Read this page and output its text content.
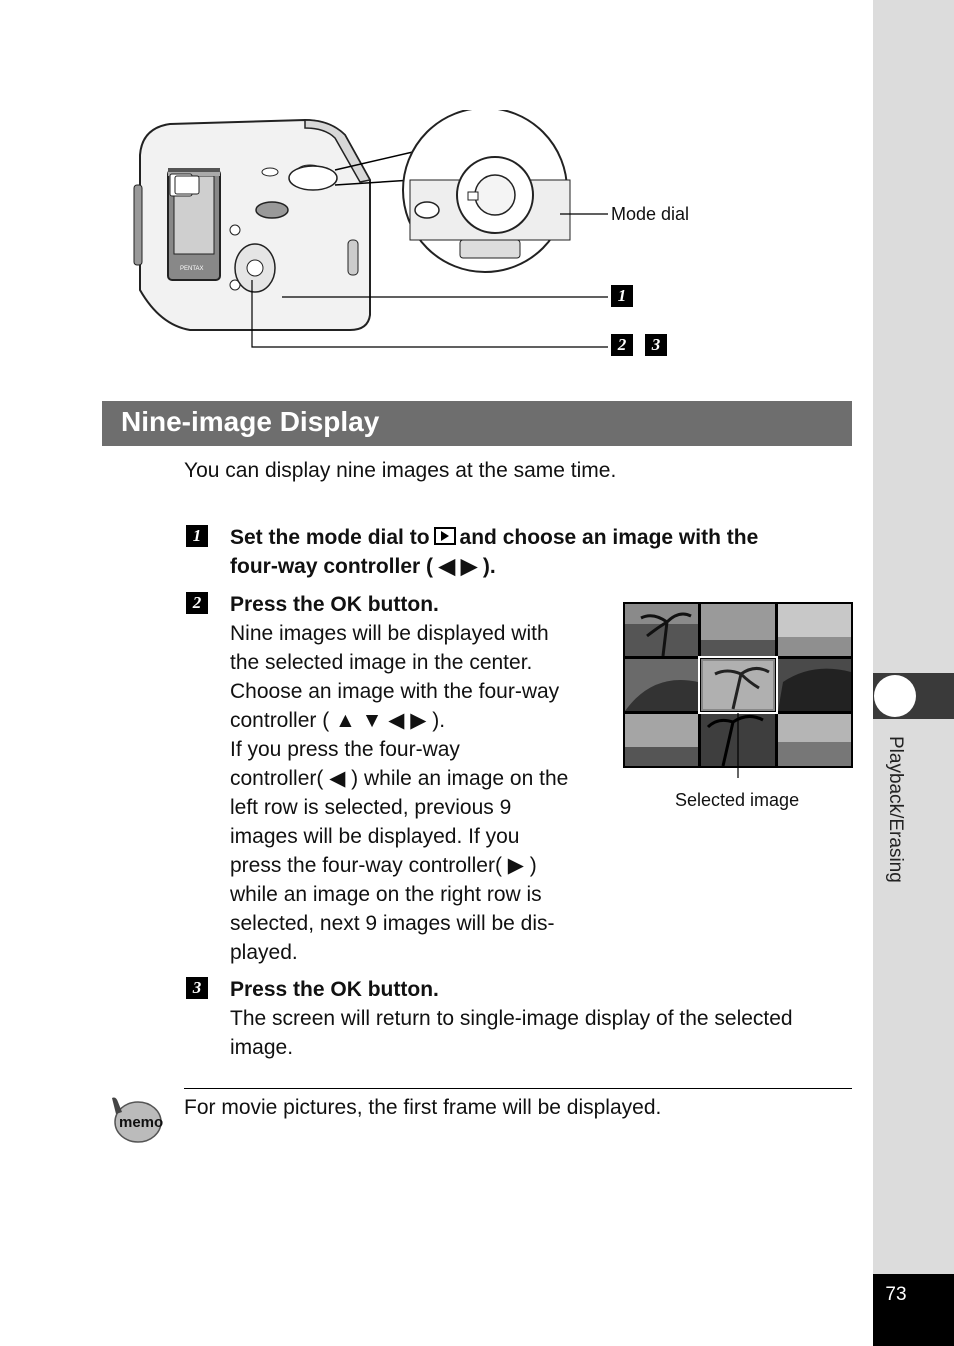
Playback/Erasing
73
PENTAX
Mode dial
1
2	3
Nine-image Display
You can display nine images at the same time.
1	Set the mode dial to and choose an image with the
four-way controller ( ◀ ▶ ).
2	Press the OK button.
Nine images will be displayed with
the selected image in the center.
Choose an image with the four-way
controller ( ▲ ▼ ◀ ▶ ).
If you press the four-way
controller( ◀ ) while an image on the
left row is selected, previous 9
images will be displayed. If you
press the four-way controller( ▶ )
while an image on the right row is
selected, next 9 images will be dis-
played.
Selected image
3	Press the OK button.
The screen will return to single-image display of the selected
image.
memo
For movie pictures, the first frame will be displayed.
